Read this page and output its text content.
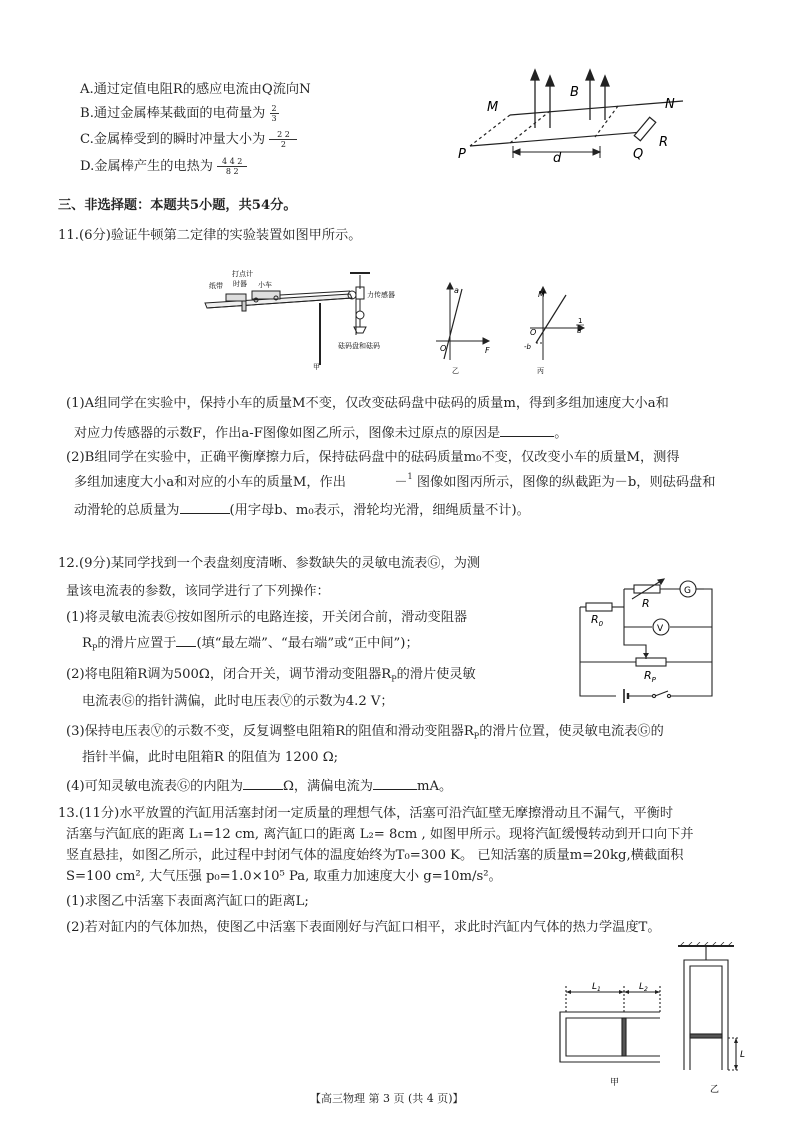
A.通过定值电阻R的感应电流由Q流向N
B.通过金属棒某截面的电荷量为 $\frac{2}{3}$
C.金属棒受到的瞬时冲量大小为 $\frac{2 2}{2}$
D.金属棒产生的电热为 $\frac{4 4 2}{8 2}$
M	N
B
R
P	Q
d
三、非选择题：本题共5小题，共54分。
11.(6分)验证牛顿第二定律的实验装置如图甲所示。
纸带
打点计
时器 小车
力传感器
砝码盘和砝码
甲
a
O	F
乙
M
O
-b
1
a
丙
(1)A组同学在实验中，保持小车的质量M不变，仅改变砝码盘中砝码的质量m，得到多组加速度大小a和
对应力传感器的示数F，作出a-F图像如图乙所示，图像未过原点的原因是	。
(2)B组同学在实验中，正确平衡摩擦力后，保持砝码盘中的砝码质量m₀不变，仅改变小车的质量M，测得
多组加速度大小a和对应的小车的质量M，作出	－1 图像如图丙所示，图像的纵截距为－b，则砝码盘和
动滑轮的总质量为	(用字母b、m₀表示，滑轮均光滑，细绳质量不计)。
12.(9分)某同学找到一个表盘刻度清晰、参数缺失的灵敏电流表Ⓖ，为测
量该电流表的参数，该同学进行了下列操作：
(1)将灵敏电流表Ⓖ按如图所示的电路连接，开关闭合前，滑动变阻器
$R_P$的滑片应置于 (填“最左端”、“最右端”或“正中间”)；
(2)将电阻箱R调为500Ω，闭合开关，调节滑动变阻器$R_P$的滑片使灵敏
电流表Ⓖ的指针满偏，此时电压表Ⓥ的示数为4.2 V；
(3)保持电压表Ⓥ的示数不变，反复调整电阻箱R的阻值和滑动变阻器$R_P$的滑片位置，使灵敏电流表Ⓖ的
指针半偏，此时电阻箱R 的阻值为 1200 Ω;
(4)可知灵敏电流表Ⓖ的内阻为	Ω，满偏电流为	mA。
$R_0$
R
G
V
$R_P$
13.(11分)水平放置的汽缸用活塞封闭一定质量的理想气体，活塞可沿汽缸壁无摩擦滑动且不漏气，平衡时
活塞与汽缸底的距离 L₁=12 cm, 离汽缸口的距离 L₂= 8cm , 如图甲所示。现将汽缸缓慢转动到开口向下并
竖直悬挂，如图乙所示，此过程中封闭气体的温度始终为T₀=300 K。 已知活塞的质量m=20kg,横截面积
S=100 cm², 大气压强 p₀=1.0×10⁵ Pa, 取重力加速度大小 g=10m/s²。
(1)求图乙中活塞下表面离汽缸口的距离L;
(2)若对缸内的气体加热，使图乙中活塞下表面刚好与汽缸口相平，求此时汽缸内气体的热力学温度T。
$L_1$	$L_2$
甲
L
乙
【高三物理 第 3 页 (共 4 页)】
